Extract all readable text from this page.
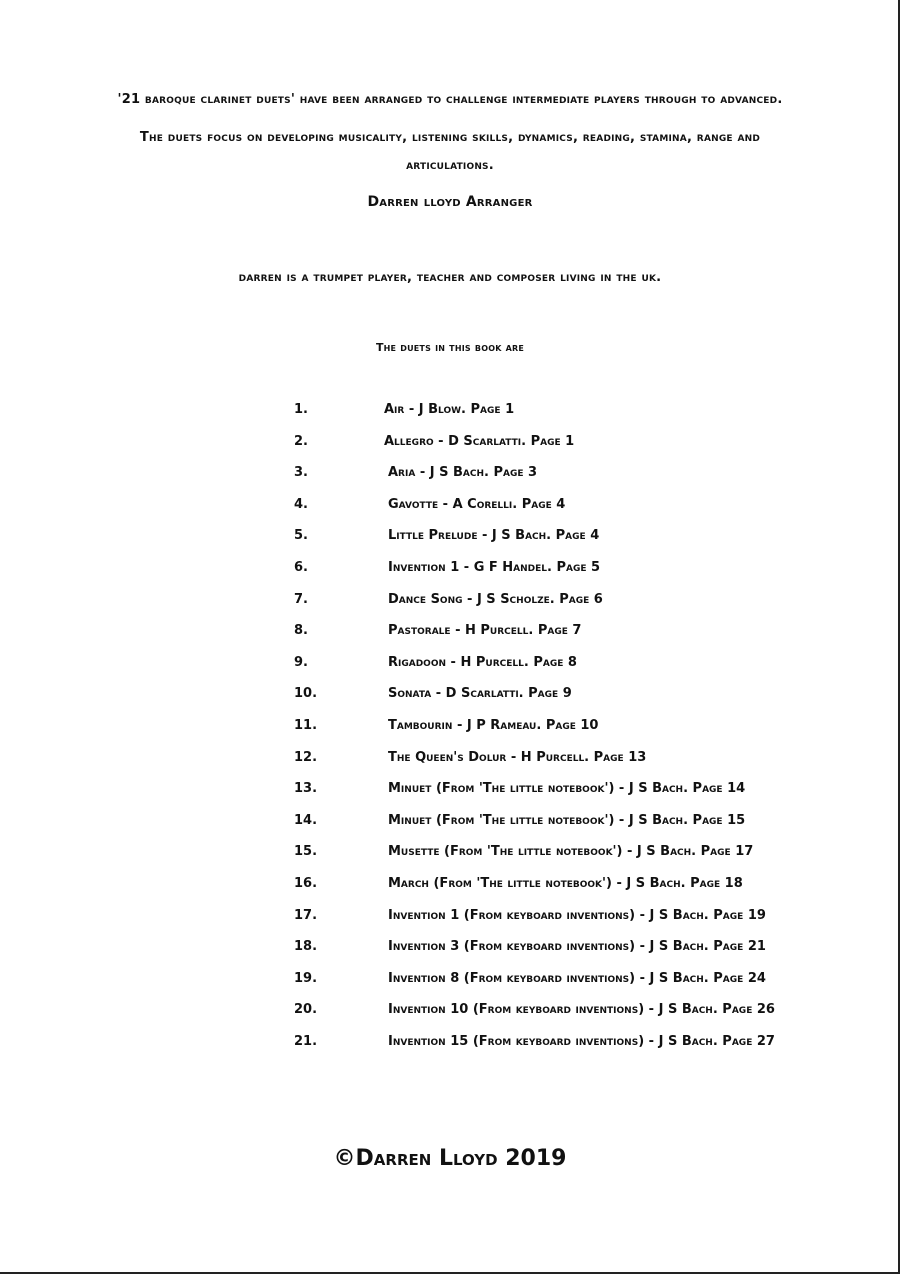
'21 baroque clarinet duets' have been arranged to challenge intermediate players through to advanced.
The duets focus on developing musicality, listening skills, dynamics, reading, stamina, range and
articulations.
Darren lloyd Arranger
darren is a trumpet player, teacher and composer living in the uk.
The duets in this book are
1.	Air - J Blow. Page 1
2.	Allegro - D Scarlatti. Page 1
3.	Aria - J S Bach. Page 3
4.	Gavotte - A Corelli. Page 4
5.	Little Prelude - J S Bach. Page 4
6.	Invention 1 - G F Handel. Page 5
7.	Dance Song - J S Scholze. Page 6
8.	Pastorale - H Purcell. Page 7
9.	Rigadoon - H Purcell. Page 8
10.	Sonata - D Scarlatti. Page 9
11.	Tambourin - J P Rameau. Page 10
12.	The Queen's Dolur - H Purcell. Page 13
13.	Minuet (From 'The little notebook') - J S Bach. Page 14
14.	Minuet (From 'The little notebook') - J S Bach. Page 15
15.	Musette (From 'The little notebook') - J S Bach. Page 17
16.	March (From 'The little notebook') - J S Bach. Page 18
17.	Invention 1 (From keyboard inventions) - J S Bach. Page 19
18.	Invention 3 (From keyboard inventions) - J S Bach. Page 21
19.	Invention 8 (From keyboard inventions) - J S Bach. Page 24
20.	Invention 10 (From keyboard inventions) - J S Bach. Page 26
21.	Invention 15 (From keyboard inventions) - J S Bach. Page 27
©Darren Lloyd 2019
